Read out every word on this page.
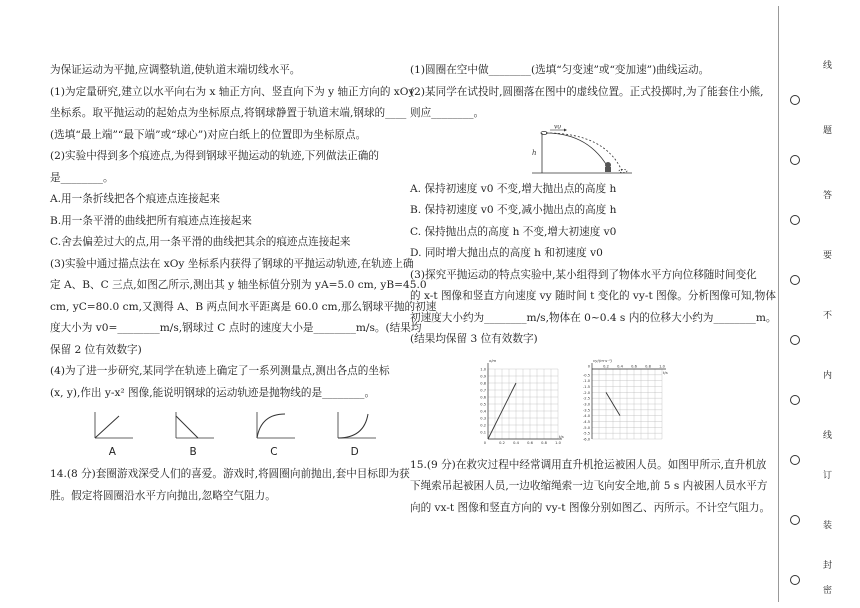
为保证运动为平抛,应调整轨道,使轨道末端切线水平。

(1)为定量研究,建立以水平向右为 x 轴正方向、竖直向下为 y 轴正方向的 xOy

坐标系。取平抛运动的起始点为坐标原点,将钢球静置于轨道末端,钢球的____

(选填“最上端”“最下端”或“球心”)对应白纸上的位置即为坐标原点。

(2)实验中得到多个痕迹点,为得到钢球平抛运动的轨迹,下列做法正确的

是________。

A.用一条折线把各个痕迹点连接起来

B.用一条平滑的曲线把所有痕迹点连接起来

C.舍去偏差过大的点,用一条平滑的曲线把其余的痕迹点连接起来

(3)实验中通过描点法在 xOy 坐标系内获得了钢球的平抛运动轨迹,在轨迹上确

定 A、B、C 三点,如图乙所示,测出其 y 轴坐标值分别为 yA=5.0 cm, yB=45.0

cm, yC=80.0 cm,又测得 A、B 两点间水平距离是 60.0 cm,那么钢球平抛的初速

度大小为 v0=________m/s,钢球过 C 点时的速度大小是________m/s。(结果均

保留 2 位有效数字)

(4)为了进一步研究,某同学在轨迹上确定了一系列测量点,测出各点的坐标

(x, y),作出 y-x² 图像,能说明钢球的运动轨迹是抛物线的是________。

A	B	C	D

14.(8 分)套圈游戏深受人们的喜爱。游戏时,将圆圈向前抛出,套中目标即为获

胜。假定将圆圈沿水平方向抛出,忽略空气阻力。

(1)圆圈在空中做________(选填“匀变速”或“变加速”)曲线运动。

(2)某同学在试投时,圆圈落在图中的虚线位置。正式投掷时,为了能套住小熊,

则应________。

v0
h

A. 保持初速度 v0 不变,增大抛出点的高度 h

B. 保持初速度 v0 不变,减小抛出点的高度 h

C. 保持抛出点的高度 h 不变,增大初速度 v0

D. 同时增大抛出点的高度 h 和初速度 v0

(3)探究平抛运动的特点实验中,某小组得到了物体水平方向位移随时间变化

的 x-t 图像和竖直方向速度 vy 随时间 t 变化的 vy-t 图像。分析图像可知,物体

初速度大小约为________m/s,物体在 0~0.4 s 内的位移大小约为________m。

(结果均保留 3 位有效数字)

0.1
0.2
0.3
0.4
0.5
0.6
0.7
0.8
0.9
1.0
0.2 0.4 0.6 0.8 1.0
0
x/m
t/s
-0.5
-1.0
-1.5
-2.0
-2.5
-3.0
-3.5
-4.0
-4.5
-5.0
-5.5
-6.0
0.2 0.4 0.6 0.8 1.0
0
vy/(m·s⁻¹)
t/s

15.(9 分)在救灾过程中经常调用直升机抢运被困人员。如图甲所示,直升机放

下绳索吊起被困人员,一边收缩绳索一边飞向安全地,前 5 s 内被困人员水平方

向的 vx-t 图像和竖直方向的 vy-t 图像分别如图乙、丙所示。不计空气阻力。

线
题
答
要
不
内
线
订
装
封
密
